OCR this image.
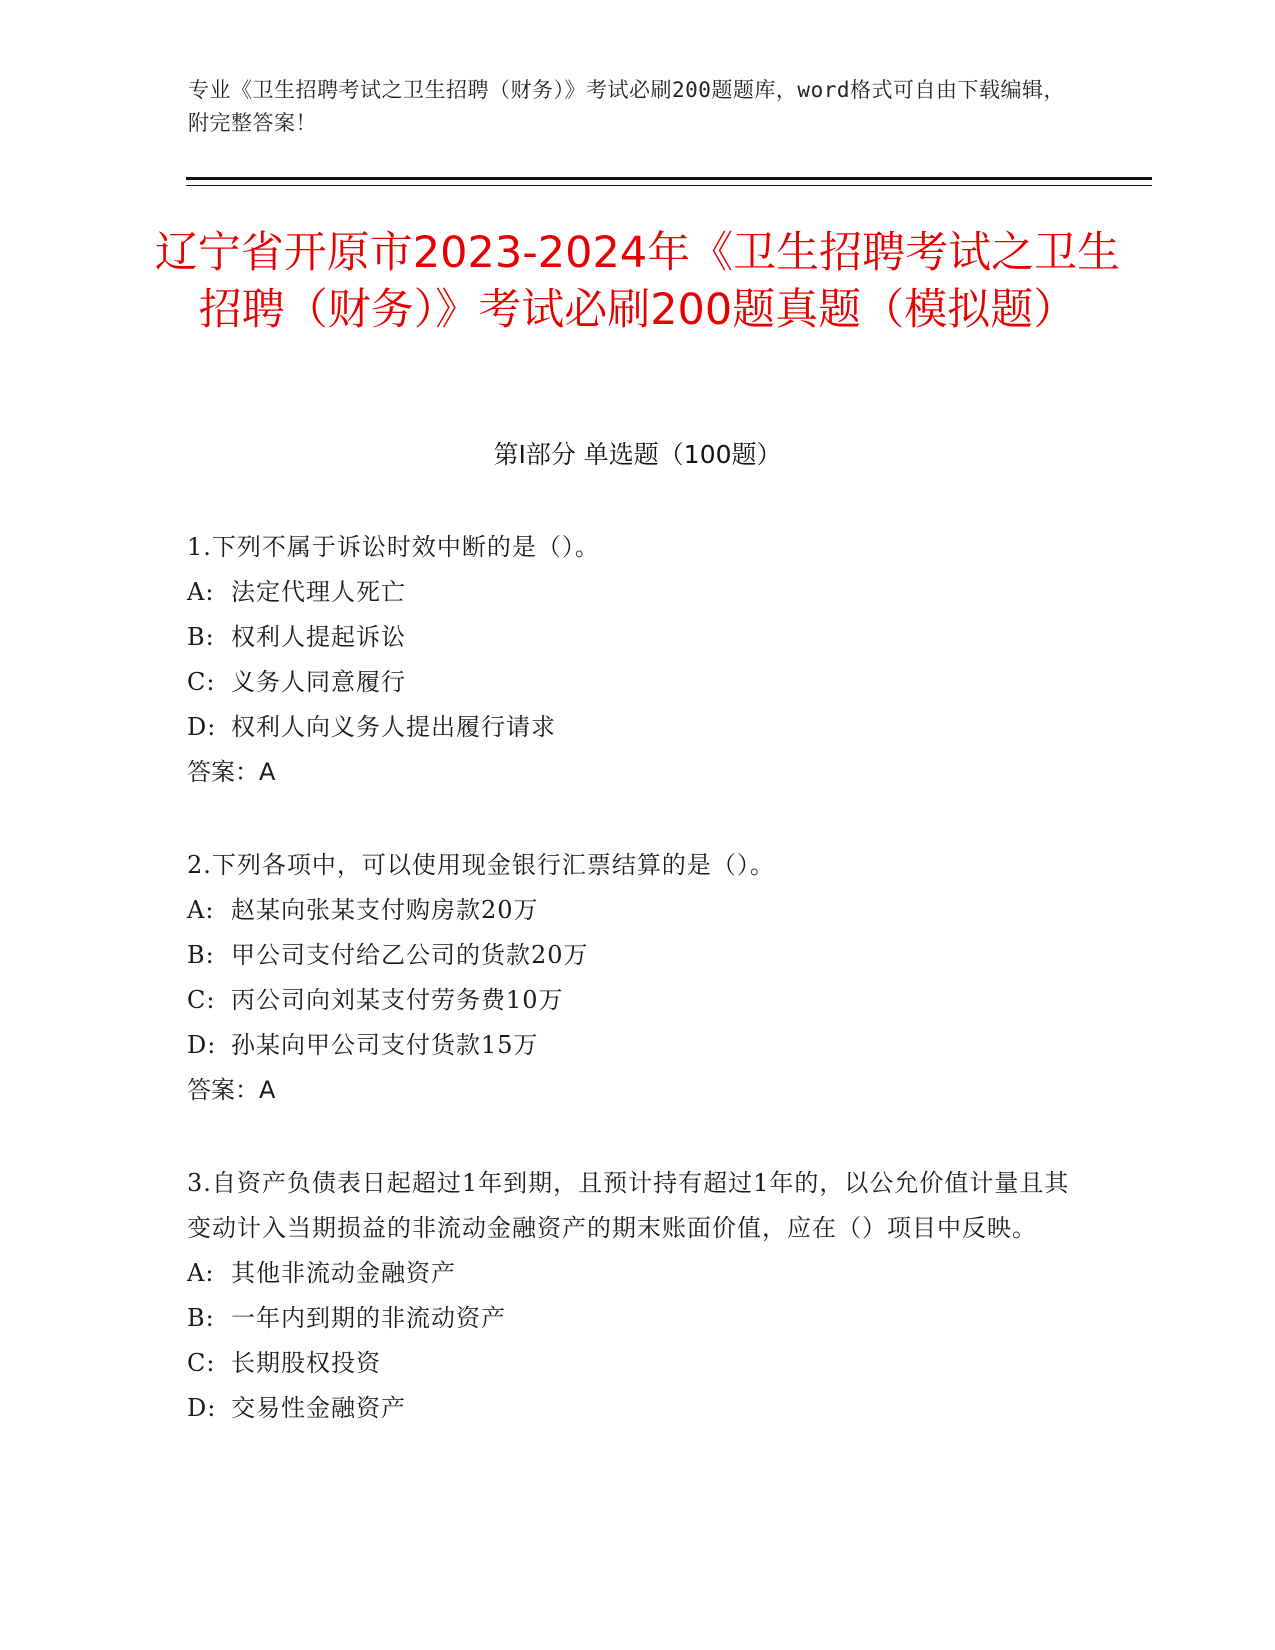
专业《卫生招聘考试之卫生招聘（财务）》考试必刷200题题库，word格式可自由下载编辑，附完整答案！
辽宁省开原市2023-2024年《卫生招聘考试之卫生招聘（财务）》考试必刷200题真题（模拟题）
第Ⅰ部分 单选题（100题）

1.下列不属于诉讼时效中断的是（）。

A: 法定代理人死亡

B: 权利人提起诉讼

C: 义务人同意履行

D: 权利人向义务人提出履行请求

答案：A

2.下列各项中，可以使用现金银行汇票结算的是（）。

A: 赵某向张某支付购房款20万

B: 甲公司支付给乙公司的货款20万

C: 丙公司向刘某支付劳务费10万

D: 孙某向甲公司支付货款15万

答案：A

3.自资产负债表日起超过1年到期，且预计持有超过1年的，以公允价值计量且其变动计入当期损益的非流动金融资产的期末账面价值，应在（）项目中反映。

A: 其他非流动金融资产

B: 一年内到期的非流动资产

C: 长期股权投资

D: 交易性金融资产
